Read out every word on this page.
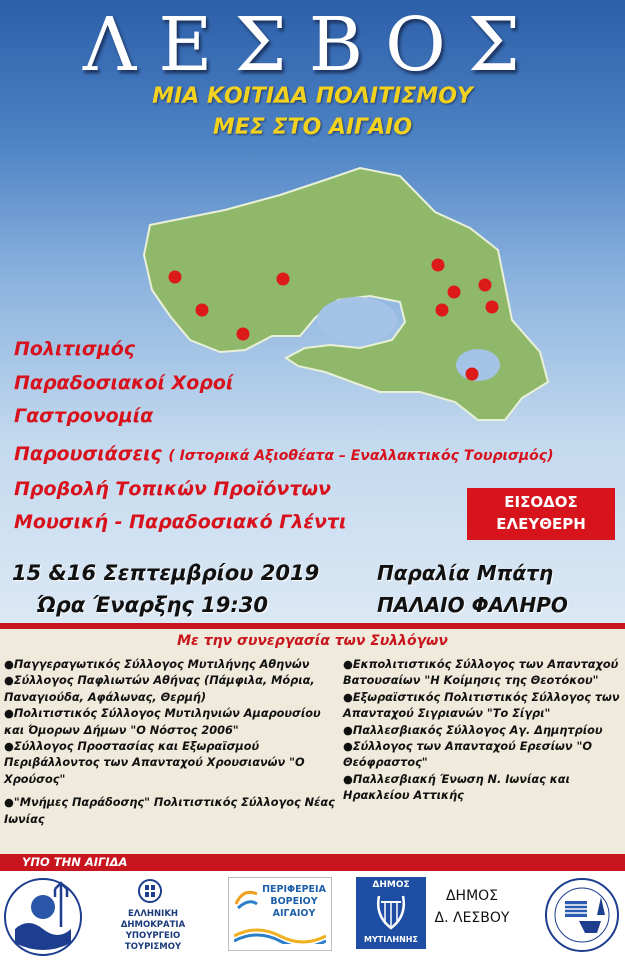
ΛΕΣΒΟΣ
ΜΙΑ ΚΟΙΤΙΔΑ ΠΟΛΙΤΙΣΜΟΥ
ΜΕΣ ΣΤΟ ΑΙΓΑΙΟ
Πολιτισμός
Παραδοσιακοί Χοροί
Γαστρονομία
Παρουσιάσεις ( Ιστορικά Αξιοθέατα – Εναλλακτικός Τουρισμός)
Προβολή Τοπικών Προϊόντων
Μουσική - Παραδοσιακό Γλέντι
ΕΙΣΟΔΟΣ
ΕΛΕΥΘΕΡΗ
15 &16 Σεπτεμβρίου 2019
Ώρα Έναρξης 19:30
Παραλία Μπάτη
ΠΑΛΑΙΟ ΦΑΛΗΡΟ
Με την συνεργασία των Συλλόγων

●Παγγεραγωτικός Σύλλογος Μυτιλήνης Αθηνών

●Σύλλογος Παφλιωτών Αθήνας (Πάμφιλα, Μόρια, Παναγιούδα, Αφάλωνας, Θερμή)

●Πολιτιστικός Σύλλογος Μυτιληνιών Αμαρουσίου και Όμορων Δήμων "Ο Νόστος 2006"

●Σύλλογος Προστασίας και Εξωραϊσμού Περιβάλλοντος των Απανταχού Χρουσιανών "Ο Χρούσος"

●"Μνήμες Παράδοσης" Πολιτιστικός Σύλλογος Νέας Ιωνίας

●Εκπολιτιστικός Σύλλογος των Απανταχού Βατουσαίων "Η Κοίμησις της Θεοτόκου"

●Εξωραϊστικός Πολιτιστικός Σύλλογος των Απανταχού Σιγριανών "Το Σίγρι"

●Παλλεσβιακός Σύλλογος Αγ. Δημητρίου

●Σύλλογος των Απανταχού Ερεσίων "Ο Θεόφραστος"

●Παλλεσβιακή Ένωση Ν. Ιωνίας και Ηρακλείου Αττικής

ΥΠΟ ΤΗΝ ΑΙΓΙΔΑ
ΕΛΛΗΝΙΚΗ ΔΗΜΟΚΡΑΤΙΑ
ΥΠΟΥΡΓΕΙΟ ΤΟΥΡΙΣΜΟΥ
ΠΕΡΙΦΕΡΕΙΑ
ΒΟΡΕΙΟΥ
ΑΙΓΑΙΟΥ
ΔΗΜΟΣ
ΜΥΤΙΛΗΝΗΣ
ΔΗΜΟΣ
Δ. ΛΕΣΒΟΥ
